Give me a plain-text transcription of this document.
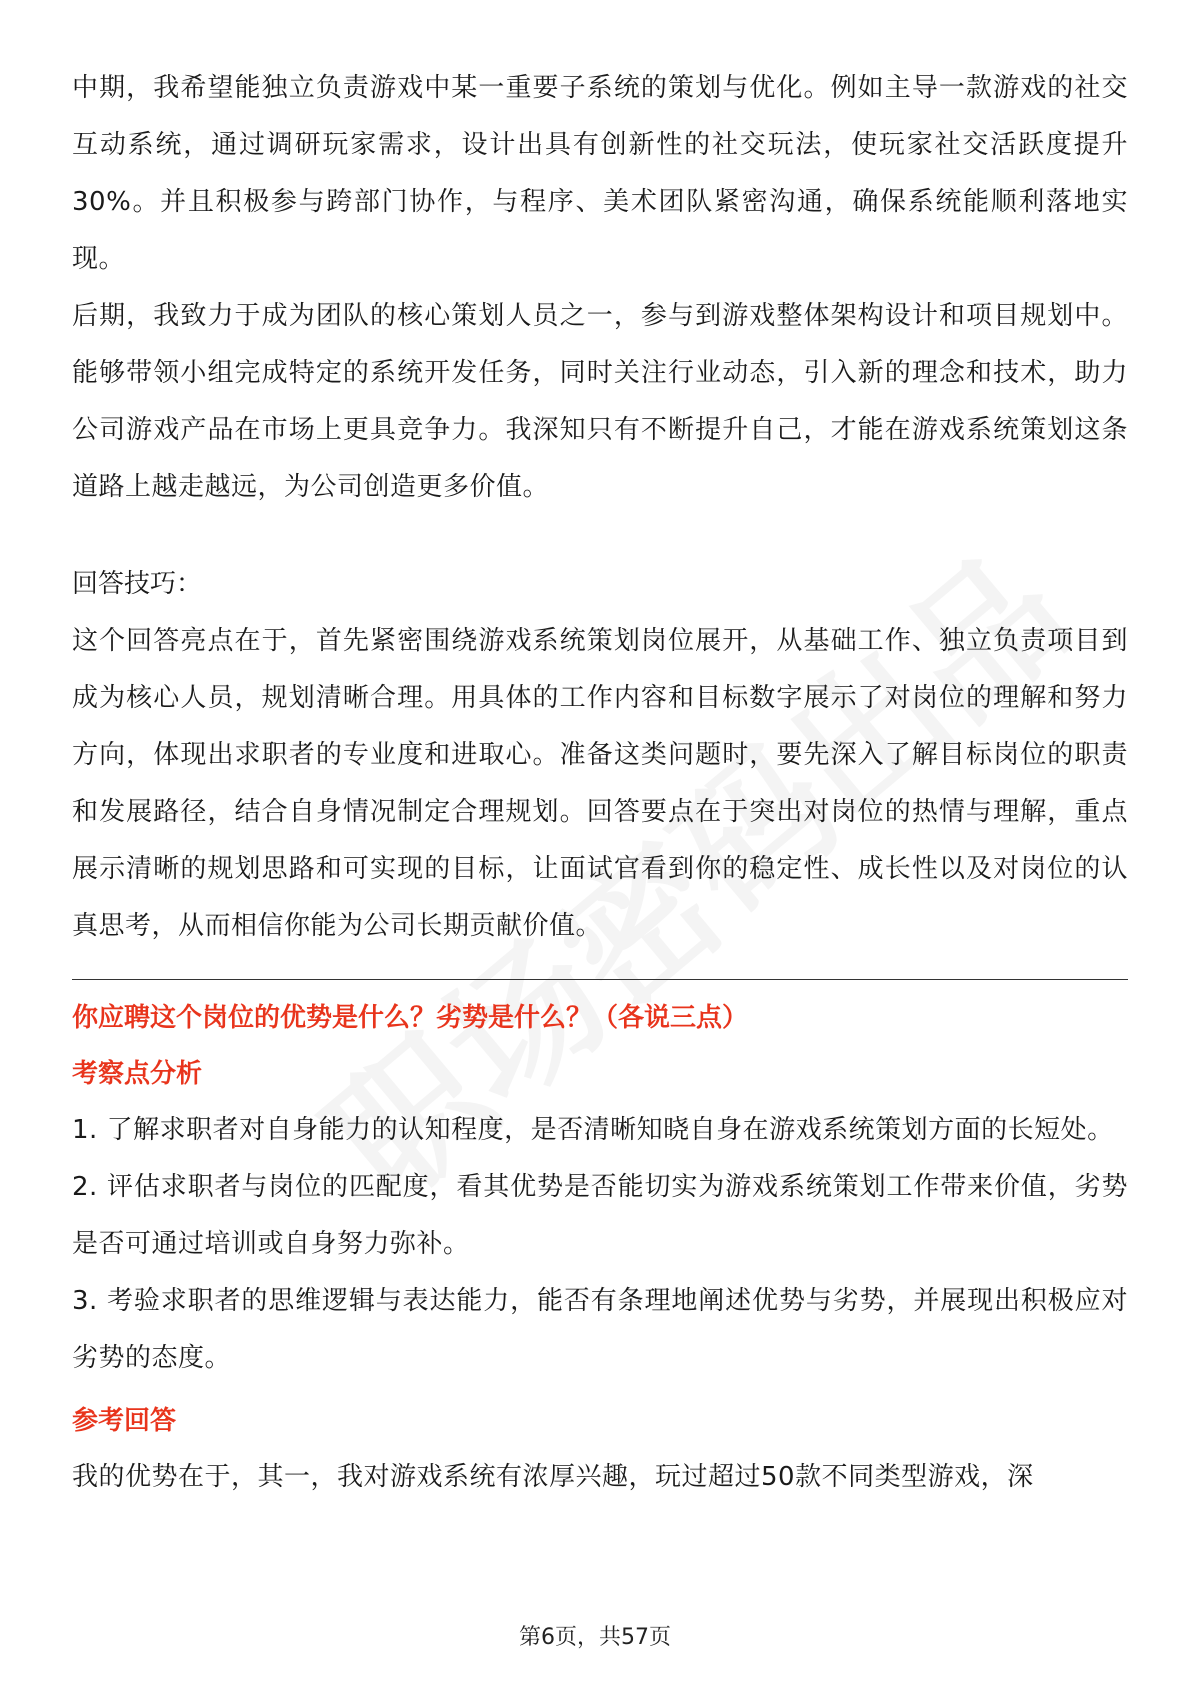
中期，我希望能独立负责游戏中某一重要子系统的策划与优化。例如主导一款游戏的社交互动系统，通过调研玩家需求，设计出具有创新性的社交玩法，使玩家社交活跃度提升30%。并且积极参与跨部门协作，与程序、美术团队紧密沟通，确保系统能顺利落地实现。

后期，我致力于成为团队的核心策划人员之一，参与到游戏整体架构设计和项目规划中。能够带领小组完成特定的系统开发任务，同时关注行业动态，引入新的理念和技术，助力公司游戏产品在市场上更具竞争力。我深知只有不断提升自己，才能在游戏系统策划这条道路上越走越远，为公司创造更多价值。

回答技巧：

这个回答亮点在于，首先紧密围绕游戏系统策划岗位展开，从基础工作、独立负责项目到成为核心人员，规划清晰合理。用具体的工作内容和目标数字展示了对岗位的理解和努力方向，体现出求职者的专业度和进取心。准备这类问题时，要先深入了解目标岗位的职责和发展路径，结合自身情况制定合理规划。回答要点在于突出对岗位的热情与理解，重点展示清晰的规划思路和可实现的目标，让面试官看到你的稳定性、成长性以及对岗位的认真思考，从而相信你能为公司长期贡献价值。

你应聘这个岗位的优势是什么？劣势是什么？（各说三点）

考察点分析

1. 了解求职者对自身能力的认知程度，是否清晰知晓自身在游戏系统策划方面的长短处。

2. 评估求职者与岗位的匹配度，看其优势是否能切实为游戏系统策划工作带来价值，劣势是否可通过培训或自身努力弥补。

3. 考验求职者的思维逻辑与表达能力，能否有条理地阐述优势与劣势，并展现出积极应对劣势的态度。

参考回答

我的优势在于，其一，我对游戏系统有浓厚兴趣，玩过超过50款不同类型游戏，深

第6页，共57页
